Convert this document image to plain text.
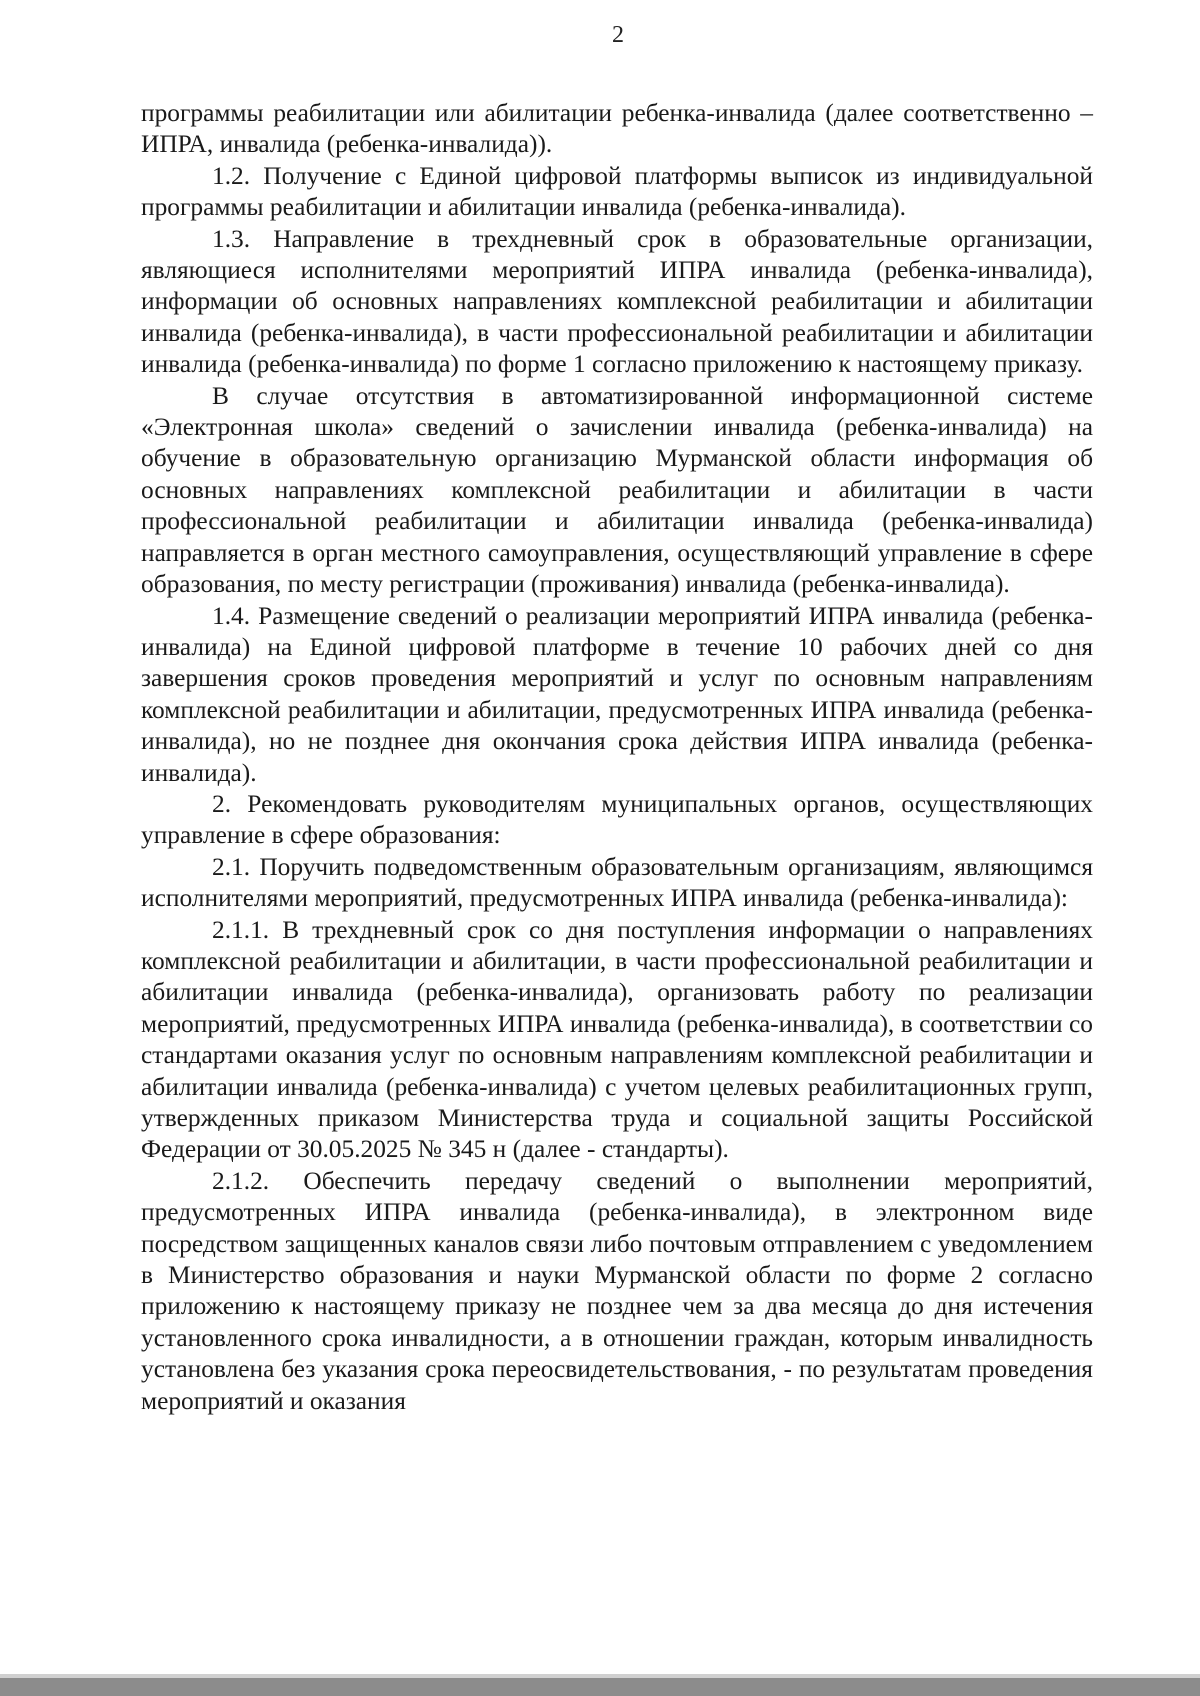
2

программы реабилитации или абилитации ребенка-инвалида (далее соответственно – ИПРА, инвалида (ребенка-инвалида)).

1.2. Получение с Единой цифровой платформы выписок из индивидуальной программы реабилитации и абилитации инвалида (ребенка-инвалида).

1.3. Направление в трехдневный срок в образовательные организации, являющиеся исполнителями мероприятий ИПРА инвалида (ребенка-инвалида), информации об основных направлениях комплексной реабилитации и абилитации инвалида (ребенка-инвалида), в части профессиональной реабилитации и абилитации инвалида (ребенка-инвалида) по форме 1 согласно приложению к настоящему приказу.

В случае отсутствия в автоматизированной информационной системе «Электронная школа» сведений о зачислении инвалида (ребенка-инвалида) на обучение в образовательную организацию Мурманской области информация об основных направлениях комплексной реабилитации и абилитации в части профессиональной реабилитации и абилитации инвалида (ребенка-инвалида) направляется в орган местного самоуправления, осуществляющий управление в сфере образования, по месту регистрации (проживания) инвалида (ребенка-инвалида).

1.4. Размещение сведений о реализации мероприятий ИПРА инвалида (ребенка-инвалида) на Единой цифровой платформе в течение 10 рабочих дней со дня завершения сроков проведения мероприятий и услуг по основным направлениям комплексной реабилитации и абилитации, предусмотренных ИПРА инвалида (ребенка-инвалида), но не позднее дня окончания срока действия ИПРА инвалида (ребенка-инвалида).

2. Рекомендовать руководителям муниципальных органов, осуществляющих управление в сфере образования:

2.1. Поручить подведомственным образовательным организациям, являющимся исполнителями мероприятий, предусмотренных ИПРА инвалида (ребенка-инвалида):

2.1.1. В трехдневный срок со дня поступления информации о направлениях комплексной реабилитации и абилитации, в части профессиональной реабилитации и абилитации инвалида (ребенка-инвалида), организовать работу по реализации мероприятий, предусмотренных ИПРА инвалида (ребенка-инвалида), в соответствии со стандартами оказания услуг по основным направлениям комплексной реабилитации и абилитации инвалида (ребенка-инвалида) с учетом целевых реабилитационных групп, утвержденных приказом Министерства труда и социальной защиты Российской Федерации от 30.05.2025 № 345 н (далее - стандарты).

2.1.2. Обеспечить передачу сведений о выполнении мероприятий, предусмотренных ИПРА инвалида (ребенка-инвалида), в электронном виде посредством защищенных каналов связи либо почтовым отправлением с уведомлением в Министерство образования и науки Мурманской области по форме 2 согласно приложению к настоящему приказу не позднее чем за два месяца до дня истечения установленного срока инвалидности, а в отношении граждан, которым инвалидность установлена без указания срока переосвидетельствования, - по результатам проведения мероприятий и оказания
